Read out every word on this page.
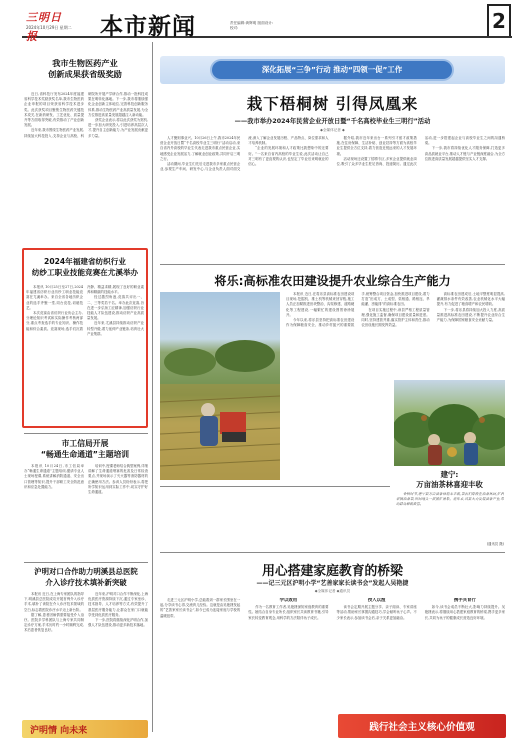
三明日报
2024年10月29日 星期二 本市新闻	责任编辑:黄辉明 版面设计:
校对:	2
我市生物医药产业
创新成果获省级奖励

近日,省科技厅发布2024年度福建省科学技术奖励获奖名单,我市生物医药企业申报的项目荣获省科学技术进步奖。此次获奖项目聚焦生物医药关键技术攻关,在新药研发、工艺优化、质量提升等方面取得突破,有效推动了产业创新发展。

近年来,我市围绕生物医药产业发展,持续加大科技投入,支持企业与高校、科研院所开展产学研合作,推动一批科技成果在明转化落地。下一步,我市将继续强化企业创新主体地位,完善科技创新服务体系,推动生物医药产业高质量发展,为全方位推进高质量发展超越注入新动能。

获奖企业表示,将以此次获奖为契机,进一步加大研发投入,引进培养高层次人才,提升自主创新能力,为产业发展贡献更多力量。

2024年福建省纺织行业
纺纱工职业技能竞赛在尤溪举办

本报讯 10月25日至27日,2024年福建省纺织行业纺纱工职业技能竞赛在尤溪举办。来自全省各地纺织企业的选手齐聚一堂,同台竞技,切磋技艺。

本次竞赛由省纺织行业协会主办,分理论知识考试和实际操作考核两部分,重点考查选手的专业知识、操作技能和综合素质。竞赛现场,选手们沉着冷静、精益求精,展现了良好的职业素养和精湛的技能水平。

经过激烈角逐,竞赛共评出一、二、三等奖若干名。举办此次竞赛,旨在进一步弘扬工匠精神,加强纺织行业技能人才队伍建设,推动纺织产业高质量发展。

近年来,尤溪县持续推动纺织产业转型升级,着力延伸产业链条,培育壮大产业集群。

市工信局开展
“畅通生命通道”主题培训

本报讯 10月24日,市工信局举办“畅通生命通道”主题培训,邀请专业人士现场授课,系统讲解消防通道、安全出口管理等知识,提升干部职工安全防范意识和应急处置能力。

培训中,授课老师结合典型案例,详细讲解了生命通道堵塞的危害及日常检查要点,并现场演示了灭火器等消防器材的正确使用方法。参训人员纷纷表示,将把所学知识运用到实际工作中,切实守护好生命通道。

沪明对口合作助力明溪县总医院
介入诊疗技术填补新突破

本报讯 近日,在上海专家团队的指导下,明溪县总医院成功开展首例介入诊疗手术,填补了该院在介入诊疗技术领域的空白,标志着医院诊疗水平迈上新台阶。

据了解,患者因病情需要接受介入治疗。医院多学科团队与上海专家共同制定诊疗方案,手术历时约一小时顺利完成,术后患者恢复良好。

近年来,沪明对口合作不断深化,上海优质医疗资源持续下沉,通过专家坐诊、技术指导、人才培养等方式,有效提升了基层医疗服务能力,让群众在家门口就能享受到优质医疗服务。

下一步,医院将继续深化沪明合作,加强人才队伍建设,推动更多新技术落地。

沪明情 向未来
深化拓展“三争”行动 推动“四领一促”工作
栽下梧桐树 引得凤凰来
——我市举办2024年民营企业开放日暨“千名高校毕业生三明行”活动
◆全媒体记者 ◆

人才聚则事业兴。10月26日上午,我市2024年民营企业开放日暨“千名高校毕业生三明行”活动启动,来自省内外高校的毕业生代表走进我市重点民营企业,实地感受企业发展活力,了解就业创业政策,共同开启三明之行。

活动期间,毕业生们先后走进我市多家重点民营企业,参观生产车间、研发中心,与企业负责人面对面交流,深入了解企业发展历程、产品特点、岗位需求和人才培养机制。

“企业的发展环境和人才政策比我想象中的还要好。”一名来自省内高校的毕业生说,此次活动让自己对三明有了更直观的认识,也坚定了毕业后来明就业的信心。

据介绍,我市近年来出台一系列引才留才政策措施,在住房保障、生活补贴、创业扶持等方面为高校毕业生提供全方位支持,着力营造近悦远来的人才发展环境。

活动现场还设置了招聘专区,多家企业提供就业岗位,吸引了众多毕业生驻足咨询、投递简历。通过此次活动,进一步搭建起企业与高校毕业生之间的沟通桥梁。

下一步,我市将持续优化人才服务保障,打造更多高品质就业平台,推动人才链与产业链深度融合,为全方位推进高质量发展超越提供坚实人才支撑。

将乐:高标准农田建设提升农业综合生产能力

本报讯 近日,在将乐县高标准农田建设项目现场,挖掘机、推土机等机械来回穿梭,施工人员正加紧推进田块整治、沟渠修建、道路硬化等工程建设,一幅繁忙的建设图景徐徐展开。

今年以来,将乐县坚持把高标准农田建设作为保障粮食安全、推动乡村振兴的重要抓手,统筹整合项目资金,加快推进项目建设,着力打造“田成方、土成型、渠相通、路相连、旱能灌、涝能排”的高标准农田。

在项目实施过程中,该县严格工程质量管理,强化施工监督,确保项目建设质量和进度。同时,坚持建管并重,落实管护主体和责任,推动农田设施长期发挥效益。

高标准农田建成后,土地平整度明显提高,灌溉排水条件有效改善,农业机械化水平大幅提升,有力促进了粮食增产和农民增收。

下一步,将乐县将持续加大投入力度,高质量推进高标准农田建设,不断提升农业综合生产能力,为保障国家粮食安全贡献力量。

建宁:
万亩油茶林喜迎丰收

金秋时节,建宁县万亩油茶林迎来丰收,果农们穿梭在油茶林间,忙着采摘油茶果,田间地头一派繁忙景象。近年来,该县大力发展油茶产业,带动群众增收致富。

(通讯员 摄)
用心搭建家庭教育的桥梁
——记三元区沪明小学“艺善家家长读书会”发起人吴艳捷
◆全媒体记者 ◆通讯员

走进三元区沪明小学,总能看到一群家长围坐在一起,分享读书心得,交流育儿经验。这就是由吴艳捷发起的“艺善家家长读书会”,如今已成为连接家庭与学校的温暖纽带。

学以致用

作为一名教育工作者,吴艳捷深知家庭教育的重要性。她结合自身专业所长,组织家长共读教育书籍,引导家长转变教育观念,用科学的方法陪伴孩子成长。

授人以渔

读书会定期开展主题分享、亲子阅读、专家讲座等活动,帮助家长掌握沟通技巧,学会倾听孩子心声。不少家长表示,参加读书会后,亲子关系更加融洽。

携手共育行

如今,读书会成员不断壮大,影响力持续提升。吴艳捷表示,将继续用心搭建家庭教育的桥梁,携手更多家长,共同为孩子的健康成长营造良好环境。

践行社会主义核心价值观
